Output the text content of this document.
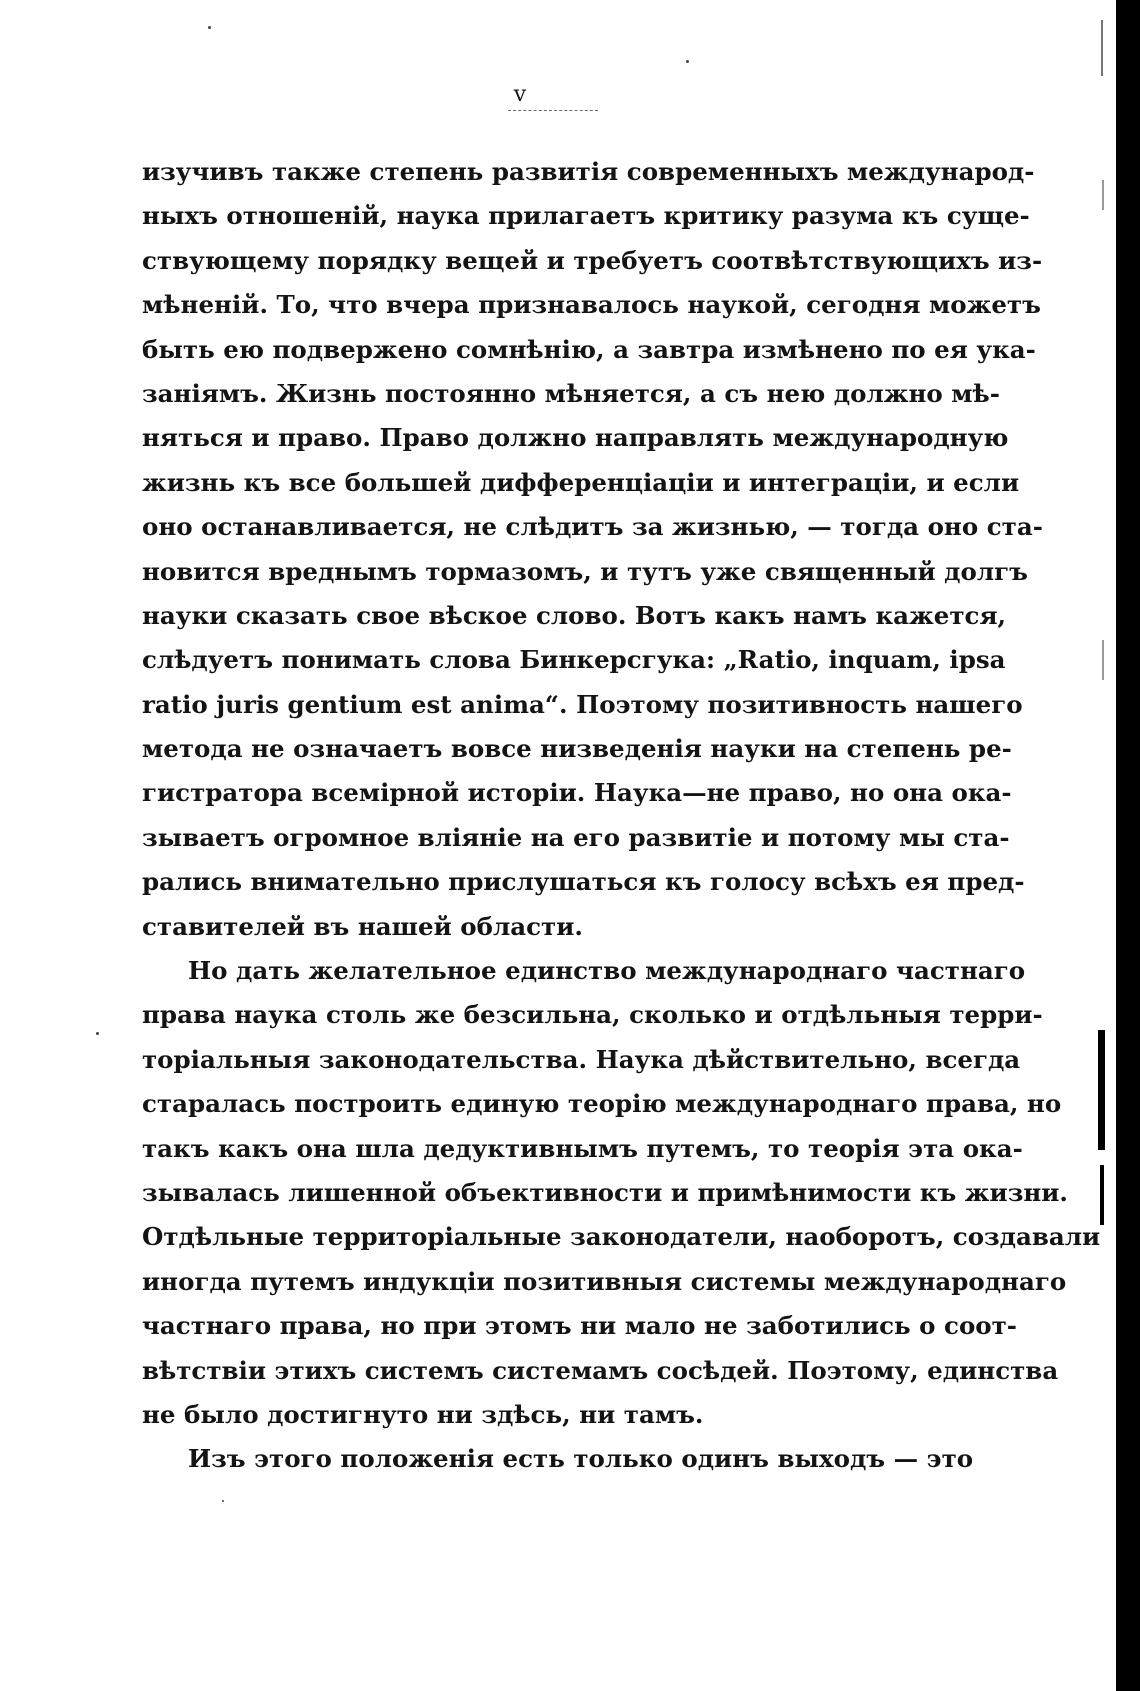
v
изучивъ также степень развитія современныхъ международ-
ныхъ отношеній, наука прилагаетъ критику разума къ суще-
ствующему порядку вещей и требуетъ соотвѣтствующихъ из-
мѣненій. То, что вчера признавалось наукой, сегодня можетъ
быть ею подвержено сомнѣнію, а завтра измѣнено по ея ука-
заніямъ. Жизнь постоянно мѣняется, а съ нею должно мѣ-
няться и право. Право должно направлять международную
жизнь къ все большей дифференціаціи и интеграціи, и если
оно останавливается, не слѣдитъ за жизнью, — тогда оно ста-
новится вреднымъ тормазомъ, и тутъ уже священный долгъ
науки сказать свое вѣское слово. Вотъ какъ намъ кажется,
слѣдуетъ понимать слова Бинкерсгука: „Ratio, inquam, ipsa
ratio juris gentium est anima“. Поэтому позитивность нашего
метода не означаетъ вовсе низведенія науки на степень ре-
гистратора всемірной исторіи. Наука—не право, но она ока-
зываетъ огромное вліяніе на его развитіе и потому мы ста-
рались внимательно прислушаться къ голосу всѣхъ ея пред-
ставителей въ нашей области.
Но дать желательное единство международнаго частнаго
права наука столь же безсильна, сколько и отдѣльныя терри-
торіальныя законодательства. Наука дѣйствительно, всегда
старалась построить единую теорію международнаго права, но
такъ какъ она шла дедуктивнымъ путемъ, то теорія эта ока-
зывалась лишенной объективности и примѣнимости къ жизни.
Отдѣльные территоріальные законодатели, наоборотъ, создавали
иногда путемъ индукціи позитивныя системы международнаго
частнаго права, но при этомъ ни мало не заботились о соот-
вѣтствіи этихъ системъ системамъ сосѣдей. Поэтому, единства
не было достигнуто ни здѣсь, ни тамъ.
Изъ этого положенія есть только одинъ выходъ — это
